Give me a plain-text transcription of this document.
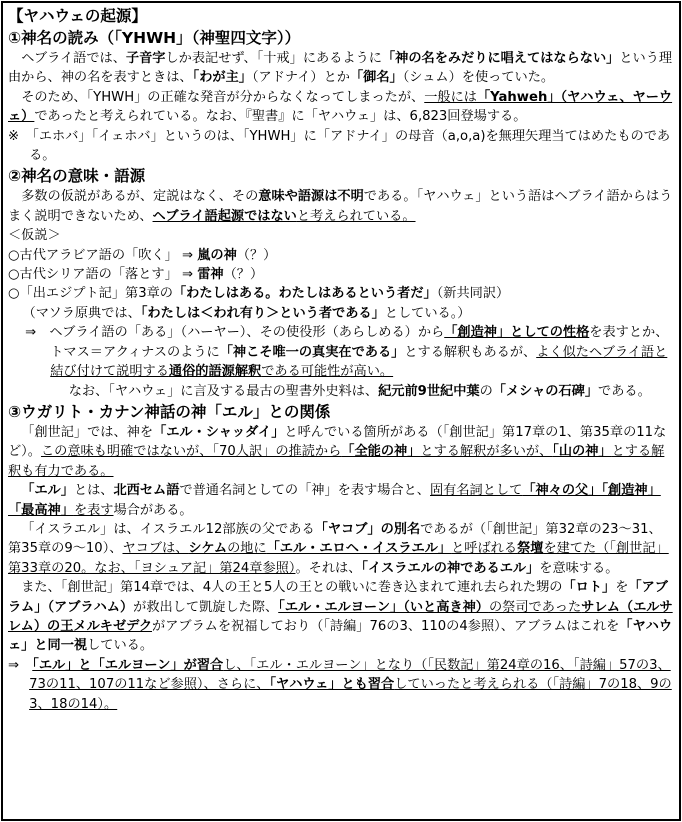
【ヤハウェの起源】
①神名の読み（「YHWH」（神聖四文字））

ヘブライ語では、子音字しか表記せず、「十戒」にあるように「神の名をみだりに唱えてはならない」という理由から、神の名を表すときは、「わが主」（アドナイ）とか「御名」（シュム）を使っていた。

そのため、「YHWH」の正確な発音が分からなくなってしまったが、一般には「Yahweh」（ヤハウェ、ヤーウェ）であったと考えられている。なお、『聖書』に「ヤハウェ」は、6,823回登場する。

※　「エホバ」「イェホバ」というのは、「YHWH」に「アドナイ」の母音（a,o,a)を無理矢理当てはめたものである。

②神名の意味・語源

多数の仮説があるが、定説はなく、その意味や語源は不明である。「ヤハウェ」という語はヘブライ語からはうまく説明できないため、ヘブライ語起源ではないと考えられている。

＜仮説＞

○古代アラビア語の「吹く」 ⇒ 嵐の神（？）

○古代シリア語の「落とす」 ⇒ 雷神（？）

○「出エジプト記」第3章の「わたしはある。わたしはあるという者だ」（新共同訳）

（マソラ原典では、「わたしは＜われ有り＞という者である」としている。）

⇒　ヘブライ語の「ある」（ハーヤー）、その使役形（あらしめる）から「創造神」としての性格を表すとか、トマス＝アクィナスのように「神こそ唯一の真実在である」とする解釈もあるが、よく似たヘブライ語と結び付けて説明する通俗的語源解釈である可能性が高い。

なお、「ヤハウェ」に言及する最古の聖書外史料は、紀元前9世紀中葉の「メシャの石碑」である。

③ウガリト・カナン神話の神「エル」との関係

「創世記」では、神を「エル・シャッダイ」と呼んでいる箇所がある（「創世記」第17章の1、第35章の11など）。この意味も明確ではないが、「70人訳」の推読から「全能の神」とする解釈が多いが、「山の神」とする解釈も有力である。

「エル」とは、北西セム語で普通名詞としての「神」を表す場合と、固有名詞として「神々の父」「創造神」「最高神」を表す場合がある。

「イスラエル」は、イスラエル12部族の父である「ヤコブ」の別名であるが（「創世記」第32章の23～31、第35章の9～10）、ヤコブは、シケムの地に「エル・エロヘ・イスラエル」と呼ばれる祭壇を建てた（「創世記」第33章の20。なお、「ヨシュア記」第24章参照）。それは、「イスラエルの神であるエル」を意味する。

また、「創世記」第14章では、4人の王と5人の王との戦いに巻き込まれて連れ去られた甥の「ロト」を「アブラム」（アブラハム）が救出して凱旋した際、「エル・エルヨーン」（いと高き神）の祭司であったサレム（エルサレム）の王メルキゼデクがアブラムを祝福しており（「詩編」76の3、110の4参照）、アブラムはこれを「ヤハウェ」と同一視している。

⇒　「エル」と「エルヨーン」が習合し、「エル・エルヨーン」となり（「民数記」第24章の16、「詩編」57の3、73の11、107の11など参照）、さらに、「ヤハウェ」とも習合していったと考えられる（「詩編」7の18、9の3、18の14）。
